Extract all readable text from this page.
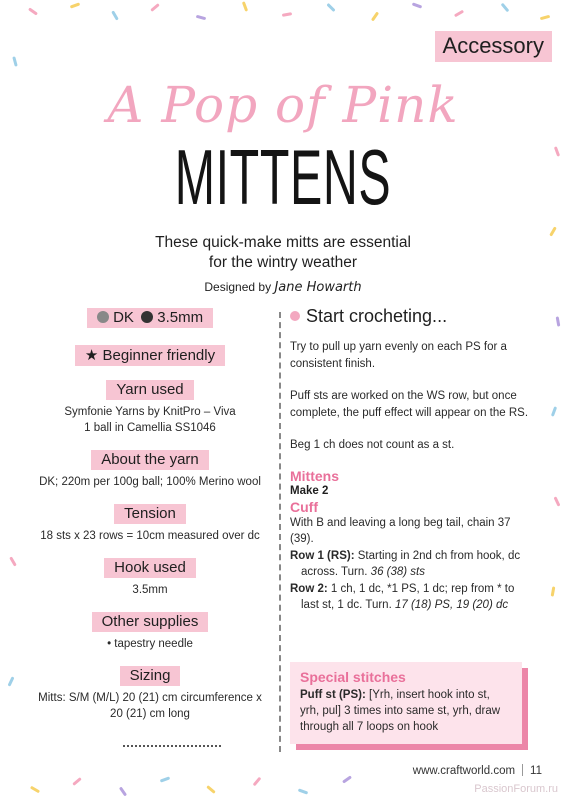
Accessory
A Pop of Pink
MITTENS
These quick-make mitts are essential
for the wintry weather
Designed by Jane Howarth
DK 3.5mm
★ Beginner friendly
Yarn used
Symfonie Yarns by KnitPro – Viva
1 ball in Camellia SS1046
About the yarn
DK; 220m per 100g ball; 100% Merino wool
Tension
18 sts x 23 rows = 10cm measured over dc
Hook used
3.5mm
Other supplies
• tapestry needle
Sizing
Mitts: S/M (M/L) 20 (21) cm circumference x
20 (21) cm long
Start crocheting...

Try to pull up yarn evenly on each PS for a consistent finish.

Puff sts are worked on the WS row, but once complete, the puff effect will appear on the RS.

Beg 1 ch does not count as a st.

Mittens
Make 2
Cuff
With B and leaving a long beg tail, chain 37 (39).
Row 1 (RS): Starting in 2nd ch from hook, dc across. Turn. 36 (38) sts
Row 2: 1 ch, 1 dc, *1 PS, 1 dc; rep from * to last st, 1 dc. Turn. 17 (18) PS, 19 (20) dc
Special stitches
Puff st (PS): [Yrh, insert hook into st, yrh, pul] 3 times into same st, yrh, draw through all 7 loops on hook
www.craftworld.com 11
PassionForum.ru
